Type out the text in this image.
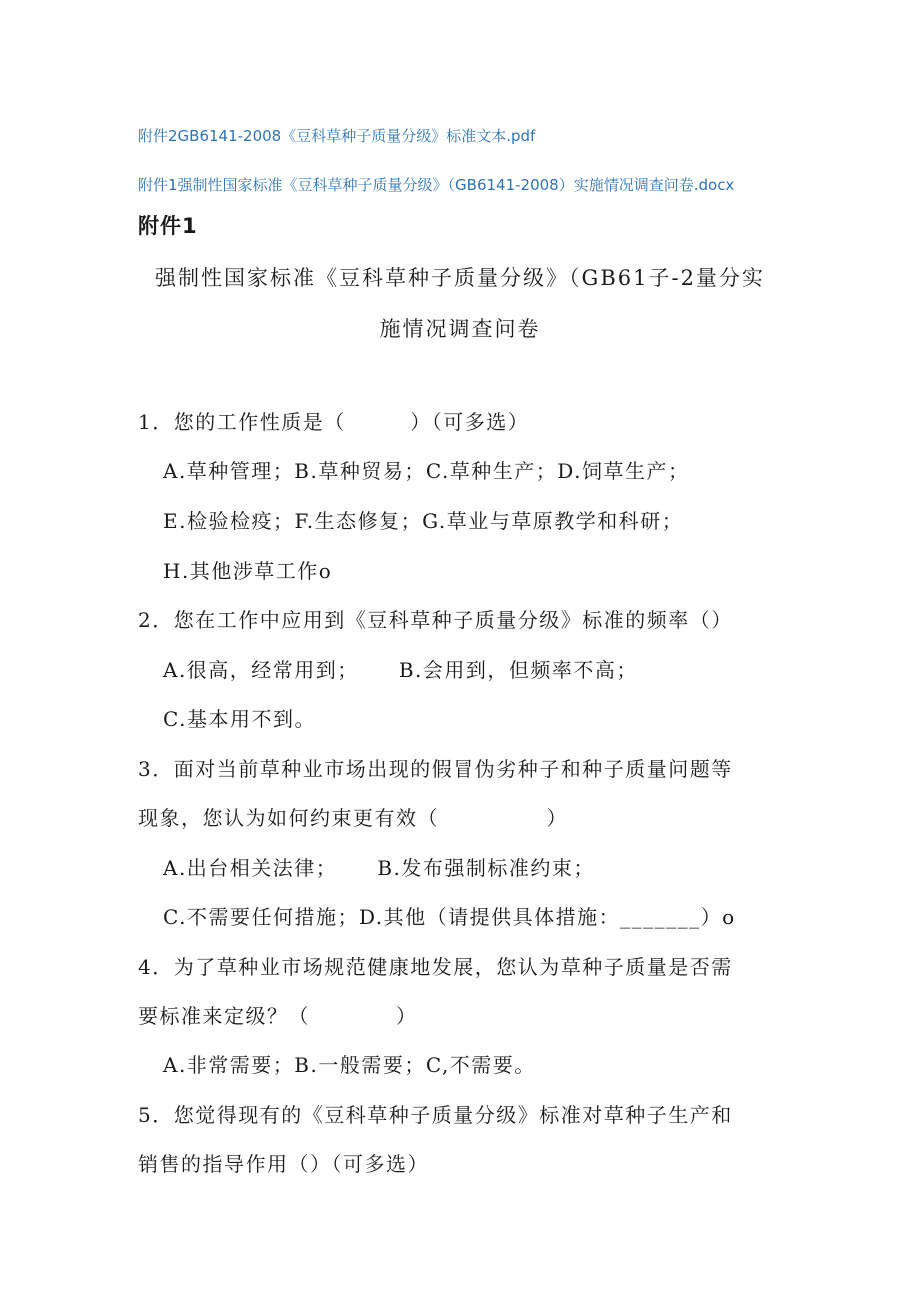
附件2GB6141-2008《豆科草种子质量分级》标准文本.pdf
附件1强制性国家标准《豆科草种子质量分级》（GB6141-2008）实施情况调查问卷.docx
附件1
强制性国家标准《豆科草种子质量分级》（GB61子-2量分实
施情况调查问卷
1．您的工作性质是（　　　）（可多选）
A.草种管理；B.草种贸易；C.草种生产；D.饲草生产；
E.检验检疫；F.生态修复；G.草业与草原教学和科研；
H.其他涉草工作o
2．您在工作中应用到《豆科草种子质量分级》标准的频率（）
A.很高，经常用到； B.会用到，但频率不高；
C.基本用不到。
3．面对当前草种业市场出现的假冒伪劣种子和种子质量问题等
现象，您认为如何约束更有效（　　　　　）
A.出台相关法律； B.发布强制标准约束；
C.不需要任何措施；D.其他（请提供具体措施：_______）o
4．为了草种业市场规范健康地发展，您认为草种子质量是否需
要标准来定级？（　　　　）
A.非常需要；B.一般需要；C,不需要。
5．您觉得现有的《豆科草种子质量分级》标准对草种子生产和
销售的指导作用（）（可多选）
